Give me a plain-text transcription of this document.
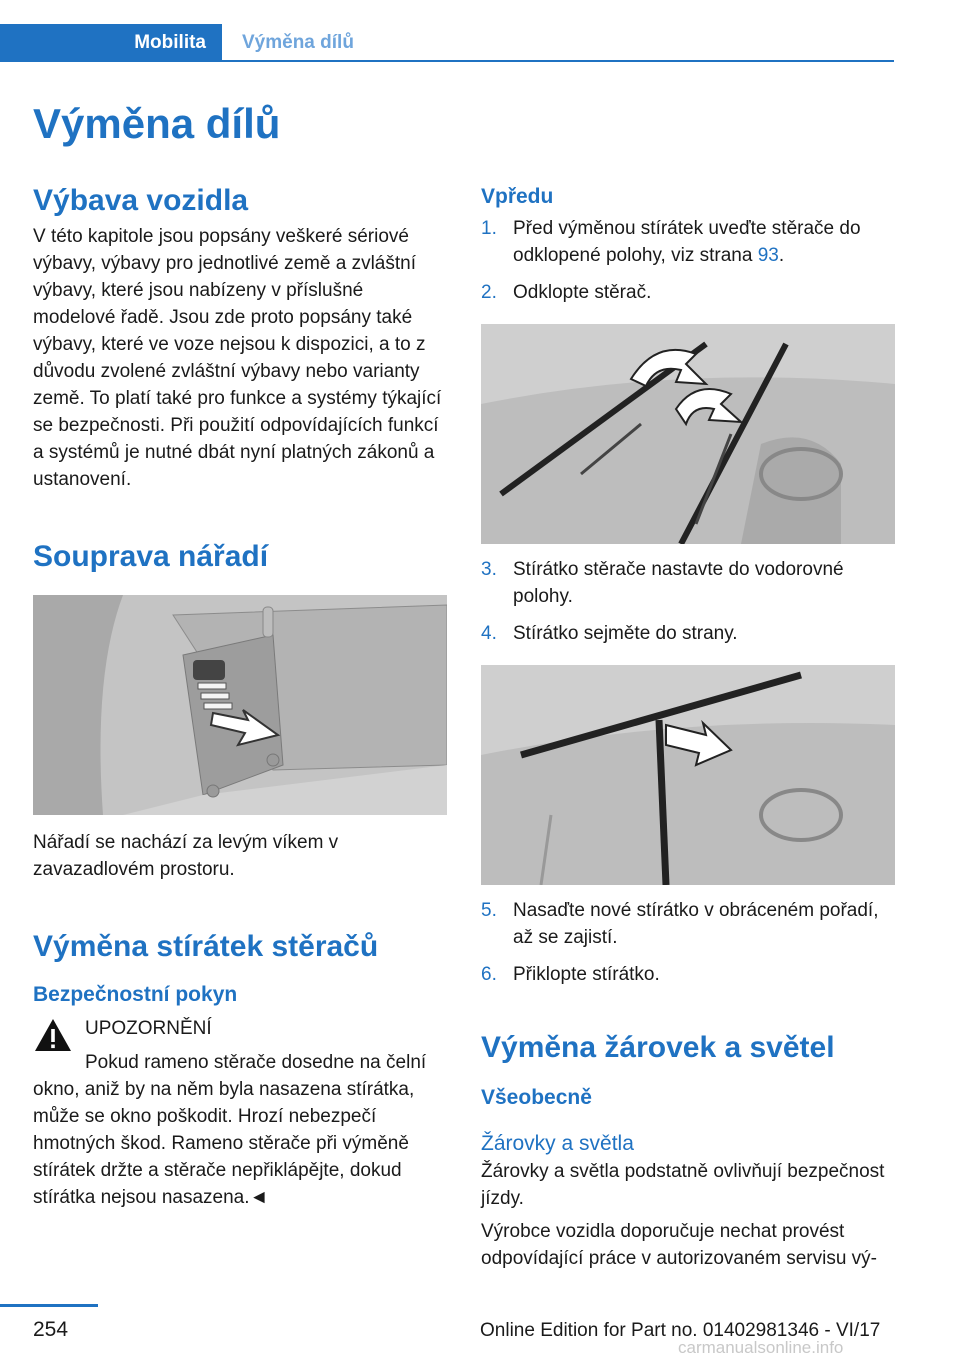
Mobilita	Výměna dílů
Výměna dílů
Výbava vozidla

V této kapitole jsou popsány veškeré sériové výbavy, výbavy pro jednotlivé země a zvláštní výbavy, které jsou nabízeny v příslušné modelové řadě. Jsou zde proto popsány také výbavy, které ve voze nejsou k dispozici, a to z důvodu zvolené zvláštní výbavy nebo varianty země. To platí také pro funkce a systémy týkající se bezpečnosti. Při použití odpovídajících funkcí a systémů je nutné dbát nyní platných zákonů a ustanovení.

Souprava nářadí

Nářadí se nachází za levým víkem v zavazadlovém prostoru.

Výměna stírátek stěračů
Bezpečnostní pokyn
UPOZORNĚNÍ

Pokud rameno stěrače dosedne na čelní okno, aniž by na něm byla nasazena stírátka, může se okno poškodit. Hrozí nebezpečí hmotných škod. Rameno stěrače při výměně stírátek držte a stěrače nepřiklápějte, dokud stírátka nejsou nasazena.◄

Vpředu
1. Před výměnou stírátek uveďte stěrače do odklopené polohy, viz strana 93.
2. Odklopte stěrač.
3. Stírátko stěrače nastavte do vodorovné polohy.
4. Stírátko sejměte do strany.
5. Nasaďte nové stírátko v obráceném pořadí, až se zajistí.
6. Přiklopte stírátko.
Výměna žárovek a světel
Všeobecně
Žárovky a světla

Žárovky a světla podstatně ovlivňují bezpečnost jízdy.

Výrobce vozidla doporučuje nechat provést odpovídající práce v autorizovaném servisu vý-

254	Online Edition for Part no. 01402981346 - VI/17
carmanualsonline.info
